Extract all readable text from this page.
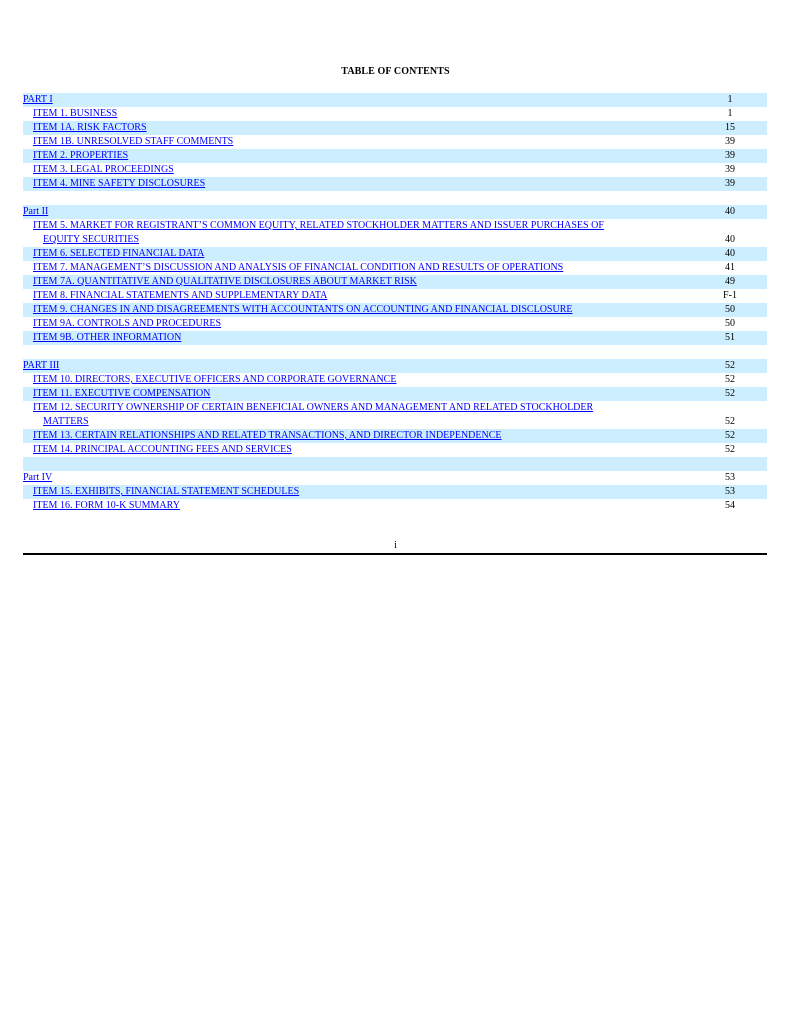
TABLE OF CONTENTS
PART I	1
ITEM 1. BUSINESS	1
ITEM 1A. RISK FACTORS	15
ITEM 1B. UNRESOLVED STAFF COMMENTS	39
ITEM 2. PROPERTIES	39
ITEM 3. LEGAL PROCEEDINGS	39
ITEM 4. MINE SAFETY DISCLOSURES	39
Part II	40
ITEM 5. MARKET FOR REGISTRANT’S COMMON EQUITY, RELATED STOCKHOLDER MATTERS AND ISSUER PURCHASES OF EQUITY SECURITIES	40
ITEM 6. SELECTED FINANCIAL DATA	40
ITEM 7. MANAGEMENT’S DISCUSSION AND ANALYSIS OF FINANCIAL CONDITION AND RESULTS OF OPERATIONS	41
ITEM 7A. QUANTITATIVE AND QUALITATIVE DISCLOSURES ABOUT MARKET RISK	49
ITEM 8. FINANCIAL STATEMENTS AND SUPPLEMENTARY DATA	F-1
ITEM 9. CHANGES IN AND DISAGREEMENTS WITH ACCOUNTANTS ON ACCOUNTING AND FINANCIAL DISCLOSURE	50
ITEM 9A. CONTROLS AND PROCEDURES	50
ITEM 9B. OTHER INFORMATION	51
PART III	52
ITEM 10. DIRECTORS, EXECUTIVE OFFICERS AND CORPORATE GOVERNANCE	52
ITEM 11. EXECUTIVE COMPENSATION	52
ITEM 12. SECURITY OWNERSHIP OF CERTAIN BENEFICIAL OWNERS AND MANAGEMENT AND RELATED STOCKHOLDER MATTERS	52
ITEM 13. CERTAIN RELATIONSHIPS AND RELATED TRANSACTIONS, AND DIRECTOR INDEPENDENCE	52
ITEM 14. PRINCIPAL ACCOUNTING FEES AND SERVICES	52
Part IV	53
ITEM 15. EXHIBITS, FINANCIAL STATEMENT SCHEDULES	53
ITEM 16. FORM 10-K SUMMARY	54
i
